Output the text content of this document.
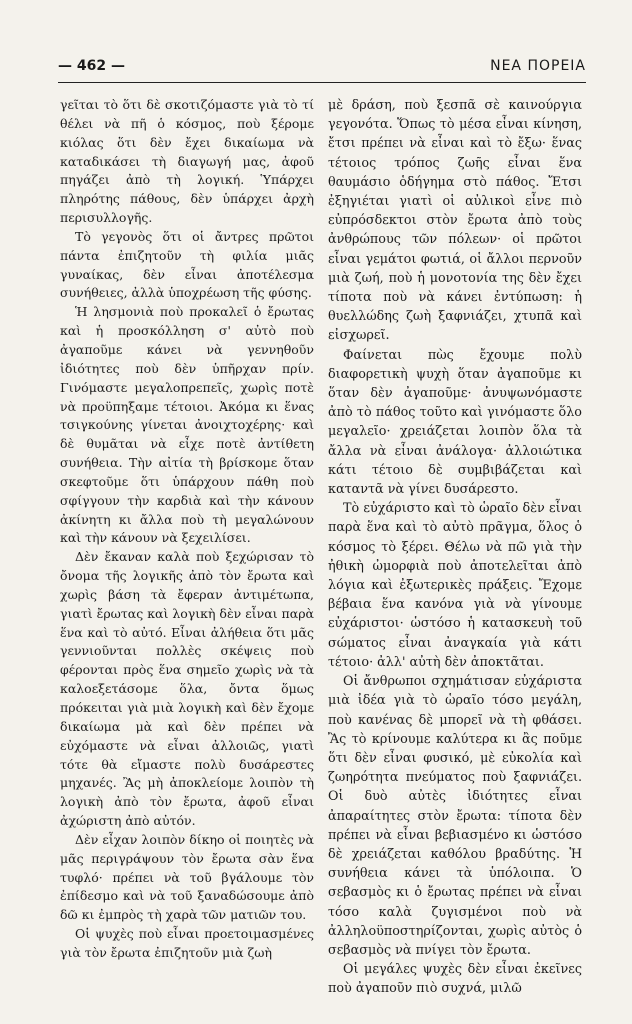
— 462 —	ΝΕΑ ΠΟΡΕΙΑ

γεῖται τὸ ὅτι δὲ σκοτιζόμαστε γιὰ τὸ τί θέλει νὰ πῆ ὁ κόσμος, ποὺ ξέρομε κιόλας ὅτι δὲν ἔχει δικαίωμα νὰ καταδικάσει τὴ διαγωγή μας, ἀφοῦ πηγάζει ἀπὸ τὴ λογική. Ὑπάρχει πληρότης πάθους, δὲν ὑπάρχει ἀρχὴ περισυλλογῆς.

Τὸ γεγονὸς ὅτι οἱ ἄντρες πρῶτοι πάντα ἐπιζητοῦν τὴ φιλία μιᾶς γυναίκας, δὲν εἶναι ἀποτέλεσμα συνήθειες, ἀλλὰ ὑποχρέωση τῆς φύσης.

Ἡ λησμονιὰ ποὺ προκαλεῖ ὁ ἔρωτας καὶ ἡ προσκόλληση σ' αὐτὸ ποὺ ἀγαποῦμε κάνει νὰ γεννηθοῦν ἰδιότητες ποὺ δὲν ὑπῆρχαν πρίν. Γινόμαστε μεγαλοπρεπεῖς, χωρὶς ποτὲ νὰ προϋπηξαμε τέτοιοι. Ἀκόμα κι ἕνας τσιγκούνης γίνεται ἀνοιχτοχέρης· καὶ δὲ θυμᾶται νὰ εἶχε ποτὲ ἀντίθετη συνήθεια. Τὴν αἰτία τὴ βρίσκομε ὅταν σκεφτοῦμε ὅτι ὑπάρχουν πάθη ποὺ σφίγγουν τὴν καρδιὰ καὶ τὴν κάνουν ἀκίνητη κι ἄλλα ποὺ τὴ μεγαλώνουν καὶ τὴν κάνουν νὰ ξεχειλίσει.

Δὲν ἔκαναν καλὰ ποὺ ξεχώρισαν τὸ ὄνομα τῆς λογικῆς ἀπὸ τὸν ἔρωτα καὶ χωρὶς βάση τὰ ἔφεραν ἀντιμέτωπα, γιατὶ ἔρωτας καὶ λογικὴ δὲν εἶναι παρὰ ἕνα καὶ τὸ αὐτό. Εἶναι ἀλήθεια ὅτι μᾶς γεννιοῦνται πολλὲς σκέψεις ποὺ φέρονται πρὸς ἕνα σημεῖο χωρὶς νὰ τὰ καλοεξετάσομε ὅλα, ὄντα ὅμως πρόκειται γιὰ μιὰ λογικὴ καὶ δὲν ἔχομε δικαίωμα μὰ καὶ δὲν πρέπει νὰ εὐχόμαστε νὰ εἶναι ἀλλοιῶς, γιατὶ τότε θὰ εἴμαστε πολὺ δυσάρεστες μηχανές. Ἂς μὴ ἀποκλείομε λοιπὸν τὴ λογικὴ ἀπὸ τὸν ἔρωτα, ἀφοῦ εἶναι ἀχώριστη ἀπὸ αὐτόν.

Δὲν εἶχαν λοιπὸν δίκηο οἱ ποιητὲς νὰ μᾶς περιγράψουν τὸν ἔρωτα σὰν ἕνα τυφλό· πρέπει νὰ τοῦ βγάλουμε τὸν ἐπίδεσμο καὶ νὰ τοῦ ξαναδώσουμε ἀπὸ δῶ κι ἐμπρὸς τὴ χαρὰ τῶν ματιῶν του.

Οἱ ψυχὲς ποὺ εἶναι προετοιμασμένες γιὰ τὸν ἔρωτα ἐπιζητοῦν μιὰ ζωὴ

μὲ δράση, ποὺ ξεσπᾶ σὲ καινούργια γεγονότα. Ὅπως τὸ μέσα εἶναι κίνηση, ἔτσι πρέπει νὰ εἶναι καὶ τὸ ἔξω· ἕνας τέτοιος τρόπος ζωῆς εἶναι ἕνα θαυμάσιο ὁδήγημα στὸ πάθος. Ἔτσι ἐξηγιέται γιατὶ οἱ αὐλικοὶ εἶνε πιὸ εὐπρόσδεκτοι στὸν ἔρωτα ἀπὸ τοὺς ἀνθρώπους τῶν πόλεων· οἱ πρῶτοι εἶναι γεμάτοι φωτιά, οἱ ἄλλοι περνοῦν μιὰ ζωή, ποὺ ἡ μονοτονία της δὲν ἔχει τίποτα ποὺ νὰ κάνει ἐντύπωση: ἡ θυελλώδης ζωὴ ξαφνιάζει, χτυπᾶ καὶ εἰσχωρεῖ.

Φαίνεται πὼς ἔχουμε πολὺ διαφορετικὴ ψυχὴ ὅταν ἀγαποῦμε κι ὅταν δὲν ἀγαποῦμε· ἀνυψωνόμαστε ἀπὸ τὸ πάθος τοῦτο καὶ γινόμαστε ὅλο μεγαλεῖο· χρειάζεται λοιπὸν ὅλα τὰ ἄλλα νὰ εἶναι ἀνάλογα· ἀλλοιώτικα κάτι τέτοιο δὲ συμβιβάζεται καὶ καταντᾶ νὰ γίνει δυσάρεστο.

Τὸ εὐχάριστο καὶ τὸ ὡραῖο δὲν εἶναι παρὰ ἕνα καὶ τὸ αὐτὸ πρᾶγμα, ὅλος ὁ κόσμος τὸ ξέρει. Θέλω νὰ πῶ γιὰ τὴν ἠθικὴ ὠμορφιὰ ποὺ ἀποτελεῖται ἀπὸ λόγια καὶ ἐξωτερικὲς πράξεις. Ἔχομε βέβαια ἕνα κανόνα γιὰ νὰ γίνουμε εὐχάριστοι· ὡστόσο ἡ κατασκευὴ τοῦ σώματος εἶναι ἀναγκαία γιὰ κάτι τέτοιο· ἀλλ' αὐτὴ δὲν ἀποκτᾶται.

Οἱ ἄνθρωποι σχημάτισαν εὐχάριστα μιὰ ἰδέα γιὰ τὸ ὡραῖο τόσο μεγάλη, ποὺ κανένας δὲ μπορεῖ νὰ τὴ φθάσει. Ἂς τὸ κρίνουμε καλύτερα κι ἂς ποῦμε ὅτι δὲν εἶναι φυσικό, μὲ εὐκολία καὶ ζωηρότητα πνεύματος ποὺ ξαφνιάζει. Οἱ δυὸ αὐτὲς ἰδιότητες εἶναι ἀπαραίτητες στὸν ἔρωτα: τίποτα δὲν πρέπει νὰ εἶναι βεβιασμένο κι ὡστόσο δὲ χρειάζεται καθόλου βραδύτης. Ἡ συνήθεια κάνει τὰ ὑπόλοιπα. Ὁ σεβασμὸς κι ὁ ἔρωτας πρέπει νὰ εἶναι τόσο καλὰ ζυγισμένοι ποὺ νὰ ἀλληλοϋποστηρίζονται, χωρὶς αὐτὸς ὁ σεβασμὸς νὰ πνίγει τὸν ἔρωτα.

Οἱ μεγάλες ψυχὲς δὲν εἶναι ἐκεῖνες ποὺ ἀγαποῦν πιὸ συχνά, μιλῶ
